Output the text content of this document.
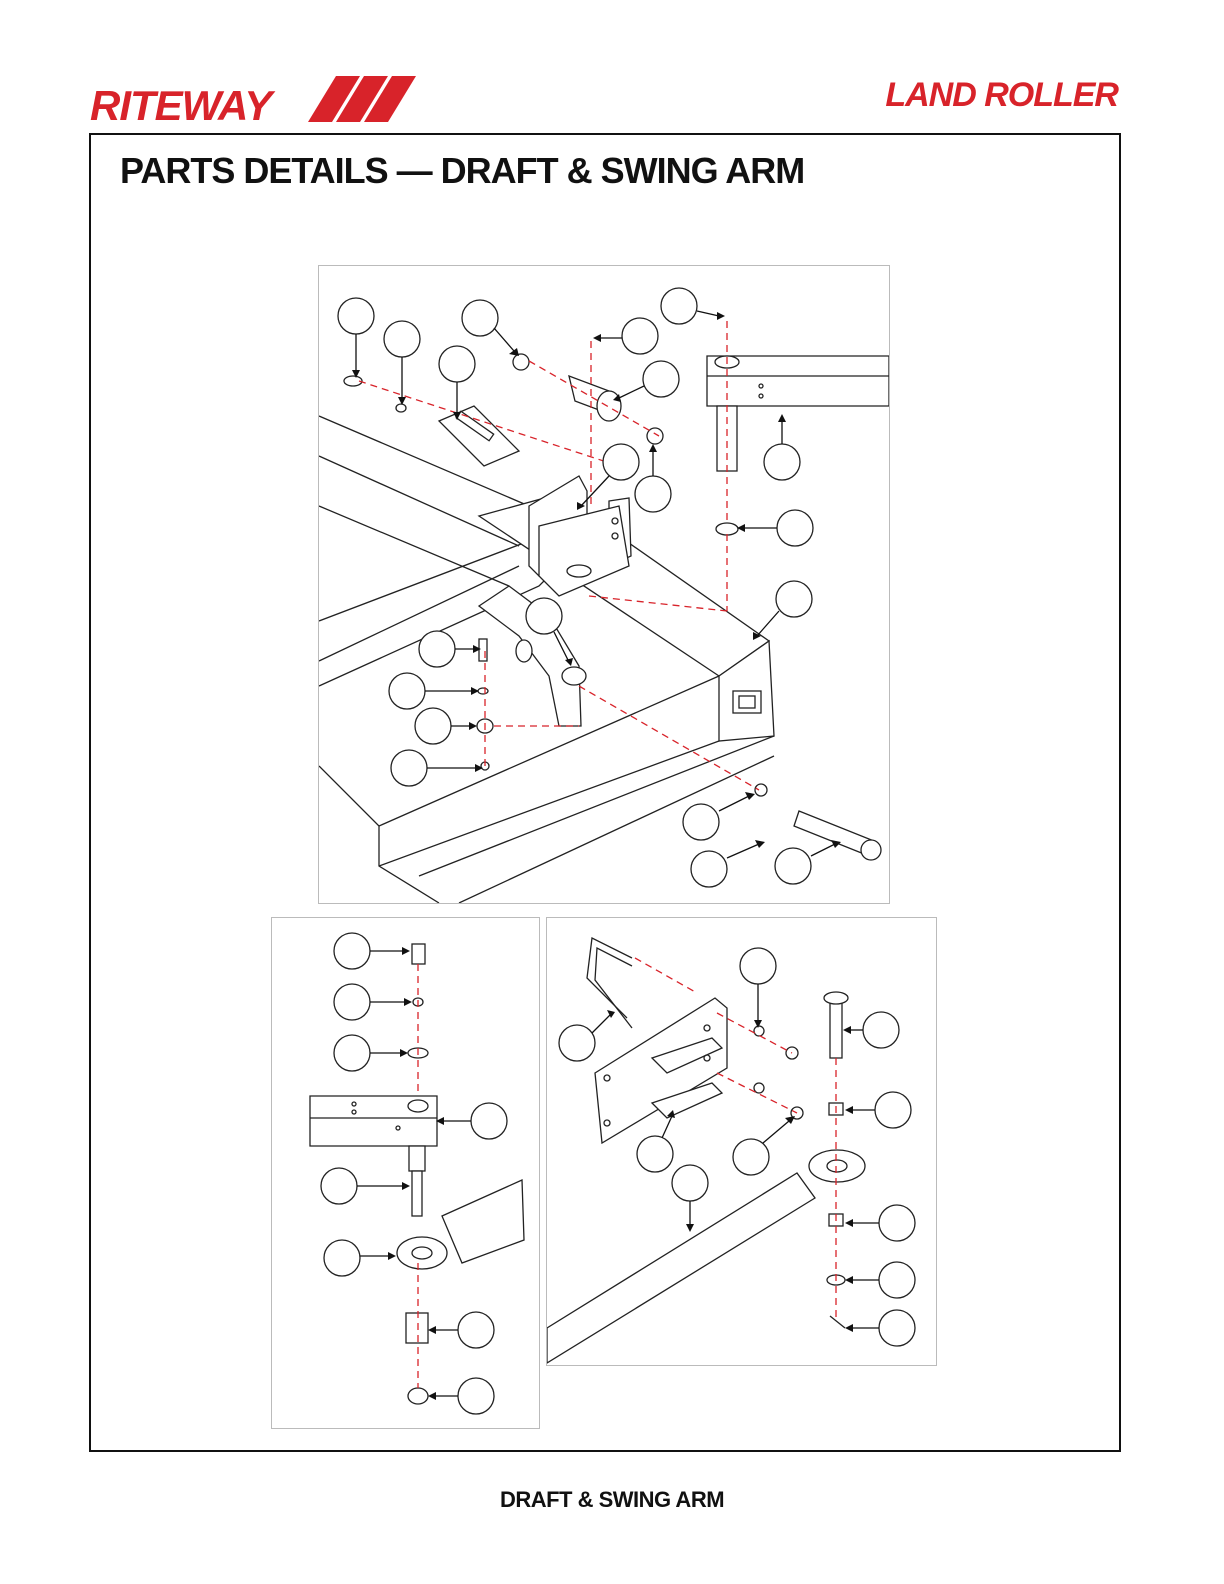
RITEWAY	LAND ROLLER
PARTS DETAILS — DRAFT & SWING ARM
DRAFT & SWING ARM
